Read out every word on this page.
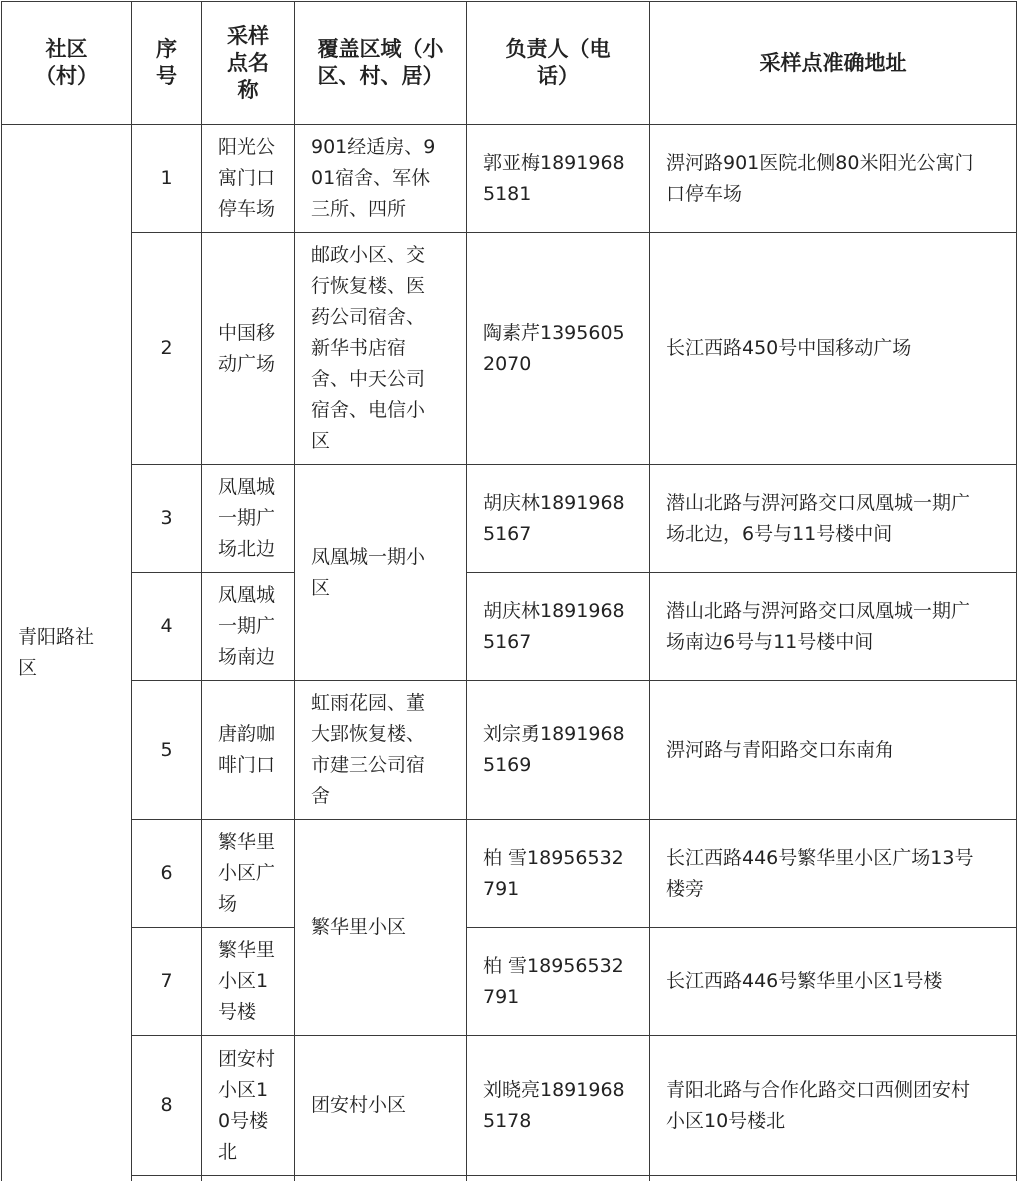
社区
（村）
序
号
采样
点名
称
覆盖区域（小
区、村、居）
负责人（电
话）
采样点准确地址
青阳路社
区
1
阳光公
寓门口
停车场
901经适房、9
01宿舍、军休
三所、四所
郭亚梅1891968
5181
淠河路901医院北侧80米阳光公寓门
口停车场
2
中国移
动广场
邮政小区、交
行恢复楼、医
药公司宿舍、
新华书店宿
舍、中天公司
宿舍、电信小
区
陶素芹1395605
2070
长江西路450号中国移动广场
3
凤凰城
一期广
场北边
胡庆林1891968
5167
潜山北路与淠河路交口凤凰城一期广
场北边，6号与11号楼中间
凤凰城一期小
区
4
凤凰城
一期广
场南边
胡庆林1891968
5167
潜山北路与淠河路交口凤凰城一期广
场南边6号与11号楼中间
5
唐韵咖
啡门口
虹雨花园、董
大郢恢复楼、
市建三公司宿
舍
刘宗勇1891968
5169
淠河路与青阳路交口东南角
6
繁华里
小区广
场
柏 雪18956532
791
长江西路446号繁华里小区广场13号
楼旁
繁华里小区
7
繁华里
小区1
号楼
柏 雪18956532
791
长江西路446号繁华里小区1号楼
8
团安村
小区1
0号楼
北
团安村小区
刘晓亮1891968
5178
青阳北路与合作化路交口西侧团安村
小区10号楼北
